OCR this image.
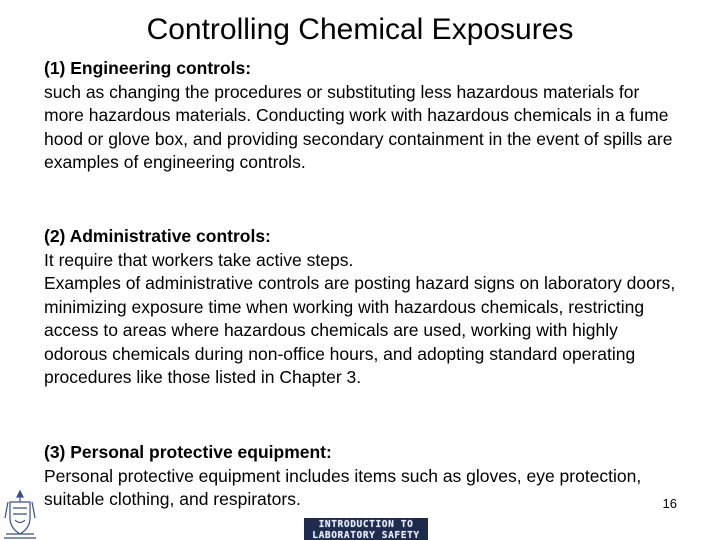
Controlling Chemical Exposures
(1) Engineering controls:
such as changing the procedures or substituting less hazardous materials for more hazardous materials. Conducting work with hazardous chemicals in a fume hood or glove box, and providing secondary containment in the event of spills are examples of engineering controls.
(2) Administrative controls:
It require that workers take active steps.
Examples of administrative controls are posting hazard signs on laboratory doors, minimizing exposure time when working with hazardous chemicals, restricting access to areas where hazardous chemicals are used, working with highly odorous chemicals during non-office hours, and adopting standard operating procedures like those listed in Chapter 3.
(3) Personal protective equipment:
Personal protective equipment includes items such as gloves, eye protection, suitable clothing, and respirators.	16
INTRODUCTION TO
LABORATORY SAFETY
